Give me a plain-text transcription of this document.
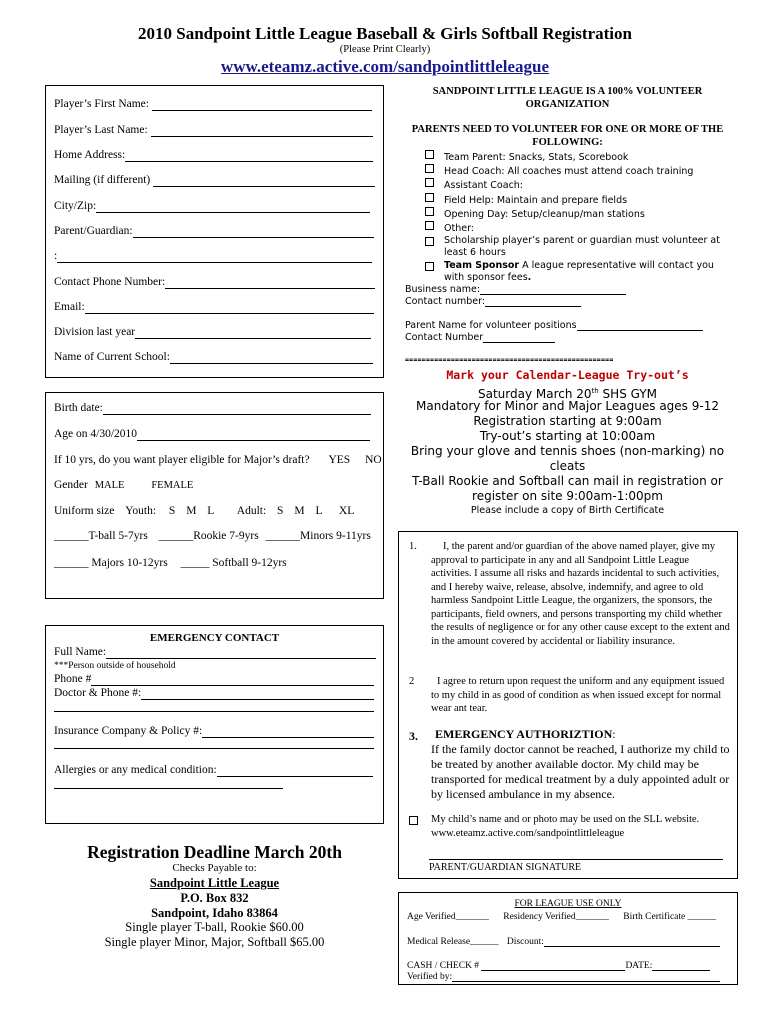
2010 Sandpoint Little League Baseball & Girls Softball Registration
(Please Print Clearly)
www.eteamz.active.com/sandpointlittleleague
Player’s First Name:
Player’s Last Name:
Home Address:
Mailing (if different)
City/Zip:
Parent/Guardian:
:
Contact Phone Number:
Email:
Division last year
Name of Current School:
Birth date:
Age on 4/30/2010
If 10 yrs, do you want player eligible for Major’s draft? YES NO
Gender MALE	FEMALE
Uniform size Youth: S M L Adult: S M L XL
______T-ball 5-7yrs ______Rookie 7-9yrs ______Minors 9-11yrs
______ Majors 10-12yrs _____ Softball 9-12yrs
EMERGENCY CONTACT
Full Name:
***Person outside of household
Phone #
Doctor & Phone #:
Insurance Company & Policy #:
Allergies or any medical condition:
Registration Deadline March 20th
Checks Payable to:
Sandpoint Little League
P.O. Box 832
Sandpoint, Idaho 83864
Single player T-ball, Rookie $60.00
Single player Minor, Major, Softball $65.00
SANDPOINT LITTLE LEAGUE IS A 100% VOLUNTEER ORGANIZATION
PARENTS NEED TO VOLUNTEER FOR ONE OR MORE OF THE FOLLOWING:
Team Parent: Snacks, Stats, Scorebook
Head Coach: All coaches must attend coach training
Assistant Coach:
Field Help: Maintain and prepare fields
Opening Day: Setup/cleanup/man stations
Other:
Scholarship player’s parent or guardian must volunteer at least 6 hours
Team Sponsor A league representative will contact you with sponsor fees.
Business name:
Contact number:
Parent Name for volunteer positions
Contact Number
==================================================
Mark your Calendar-League Try-out’s
Saturday March 20th SHS GYM
Mandatory for Minor and Major Leagues ages 9-12
Registration starting at 9:00am
Try-out’s starting at 10:00am
Bring your glove and tennis shoes (non-marking) no cleats
T-Ball Rookie and Softball can mail in registration or register on site 9:00am-1:00pm
Please include a copy of Birth Certificate
1.	I, the parent and/or guardian of the above named player, give my approval to participate in any and all Sandpoint Little League activities. I assume all risks and hazards incidental to such activities, and I hereby waive, release, absolve, indemnify, and agree to old harmless Sandpoint Little League, the organizers, the sponsors, the participants, field owners, and persons transporting my child whether the results of negligence or for any other cause except to the extent and in the amount covered by accidental or liability insurance.
2	I agree to return upon request the uniform and any equipment issued to my child in as good of condition as when issued except for normal wear ant tear.
3.	EMERGENCY AUTHORIZTION:
If the family doctor cannot be reached, I authorize my child to be treated by another available doctor. My child may be transported for medical treatment by a duly appointed adult or by licensed ambulance in my absence.
My child’s name and or photo may be used on the SLL website. www.eteamz.active.com/sandpointlittleleague
PARENT/GUARDIAN SIGNATURE
FOR LEAGUE USE ONLY
Age Verified_______ Residency Verified_______ Birth Certificate ______
Medical Release______ Discount:
CASH / CHECK #	DATE:
Verified by:
